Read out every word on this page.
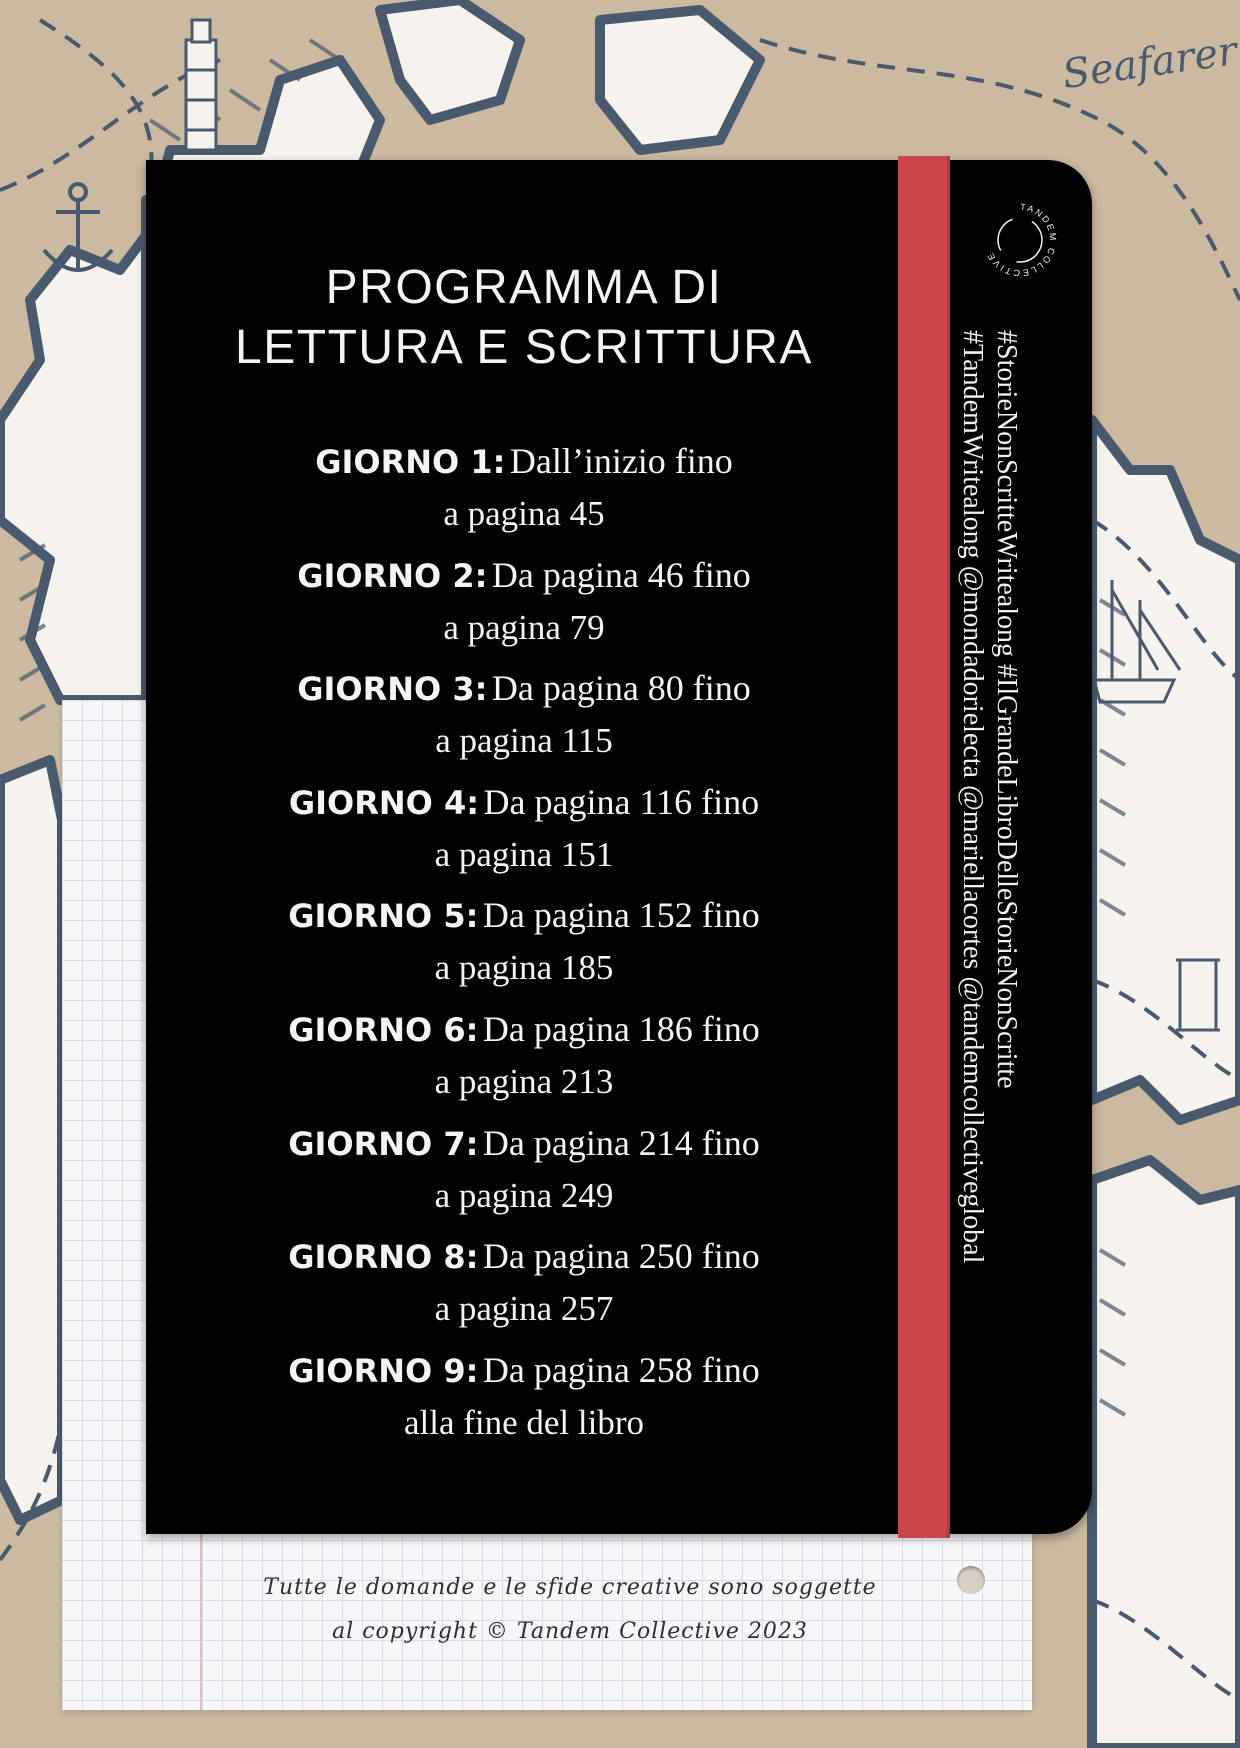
Seafarer
PROGRAMMA DI
LETTURA E SCRITTURA
GIORNO 1: Dall’inizio fino
a pagina 45
GIORNO 2: Da pagina 46 fino
a pagina 79
GIORNO 3: Da pagina 80 fino
a pagina 115
GIORNO 4: Da pagina 116 fino
a pagina 151
GIORNO 5: Da pagina 152 fino
a pagina 185
GIORNO 6: Da pagina 186 fino
a pagina 213
GIORNO 7: Da pagina 214 fino
a pagina 249
GIORNO 8: Da pagina 250 fino
a pagina 257
GIORNO 9: Da pagina 258 fino
alla fine del libro
TANDEM COLLECTIVE
#StorieNonScritteWritealong #IlGrandeLibroDelleStorieNonScritte
#TandemWritealong @mondadorielecta @mariellacortes @tandemcollectiveglobal
Tutte le domande e le sfide creative sono soggette
al copyright © Tandem Collective 2023
